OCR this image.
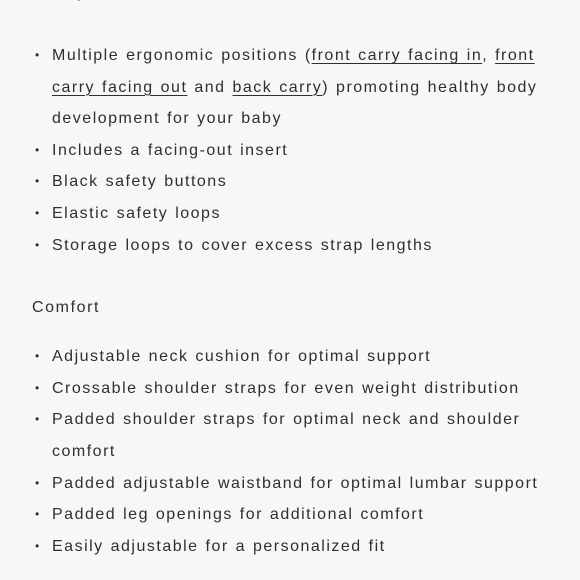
• Multiple ergonomic positions (front carry facing in, front carry facing out and back carry) promoting healthy body development for your baby
• Includes a facing-out insert
• Black safety buttons
• Elastic safety loops
• Storage loops to cover excess strap lengths
Comfort
• Adjustable neck cushion for optimal support
• Crossable shoulder straps for even weight distribution
• Padded shoulder straps for optimal neck and shoulder comfort
• Padded adjustable waistband for optimal lumbar support
• Padded leg openings for additional comfort
• Easily adjustable for a personalized fit
